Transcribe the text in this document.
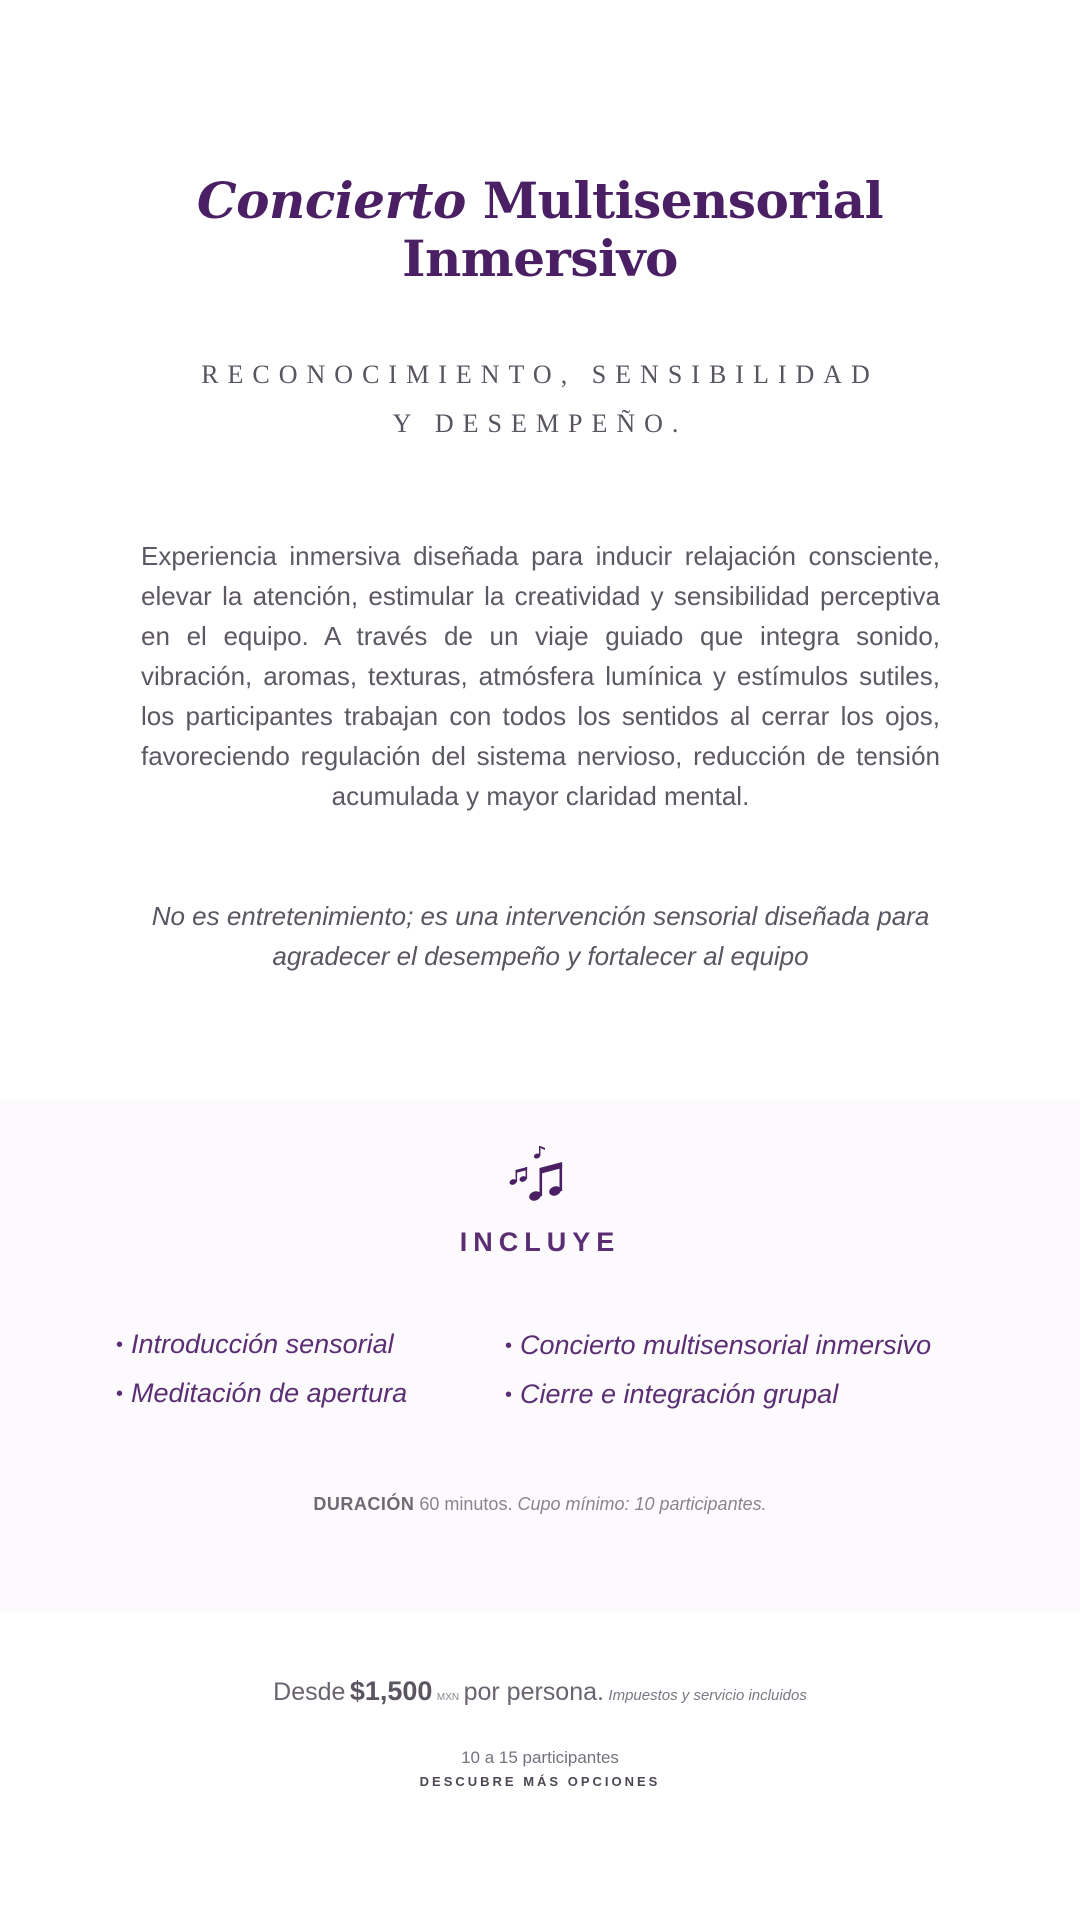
Concierto Multisensorial
Inmersivo
RECONOCIMIENTO, SENSIBILIDAD
Y DESEMPEÑO.

Experiencia inmersiva diseñada para inducir relajación consciente, elevar la atención, estimular la creatividad y sensibilidad perceptiva en el equipo. A través de un viaje guiado que integra sonido, vibración, aromas, texturas, atmósfera lumínica y estímulos sutiles, los participantes trabajan con todos los sentidos al cerrar los ojos, favoreciendo regulación del sistema nervioso, reducción de tensión acumulada y mayor claridad mental.

No es entretenimiento; es una intervención sensorial diseñada para agradecer el desempeño y fortalecer al equipo

INCLUYE
• Introducción sensorial
• Meditación de apertura
• Concierto multisensorial inmersivo
• Cierre e integración grupal
DURACIÓN 60 minutos. Cupo mínimo: 10 participantes.
Desde $1,500 MXN por persona. Impuestos y servicio incluidos
10 a 15 participantes
DESCUBRE MÁS OPCIONES
